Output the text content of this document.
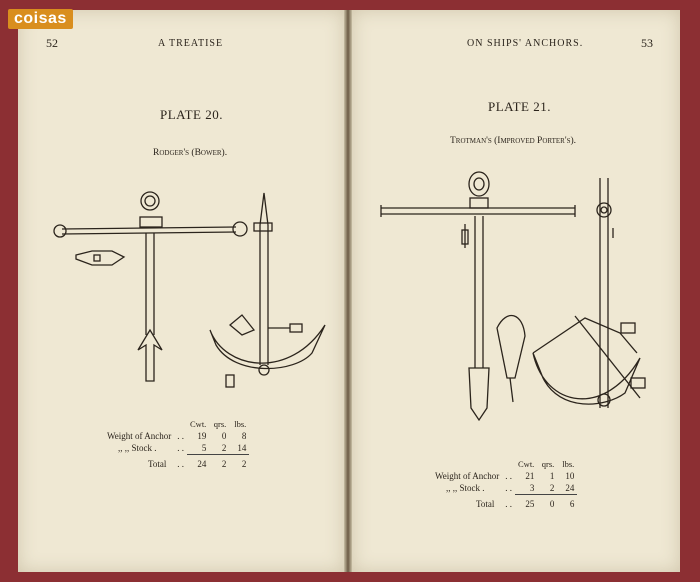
coisas
52	A TREATISE
PLATE 20.
Rodger's (Bower).
		Cwt.	qrs.	lbs.
Weight of Anchor	. .	19	0	8
,, ,, Stock .	. .	5	2	14
Total	. .	24	2	2
ON SHIPS' ANCHORS.	53
PLATE 21.
Trotman's (Improved Porter's).
		Cwt.	qrs.	lbs.
Weight of Anchor	. .	21	1	10
,, ,, Stock .	. .	3	2	24
Total	. .	25	0	6
